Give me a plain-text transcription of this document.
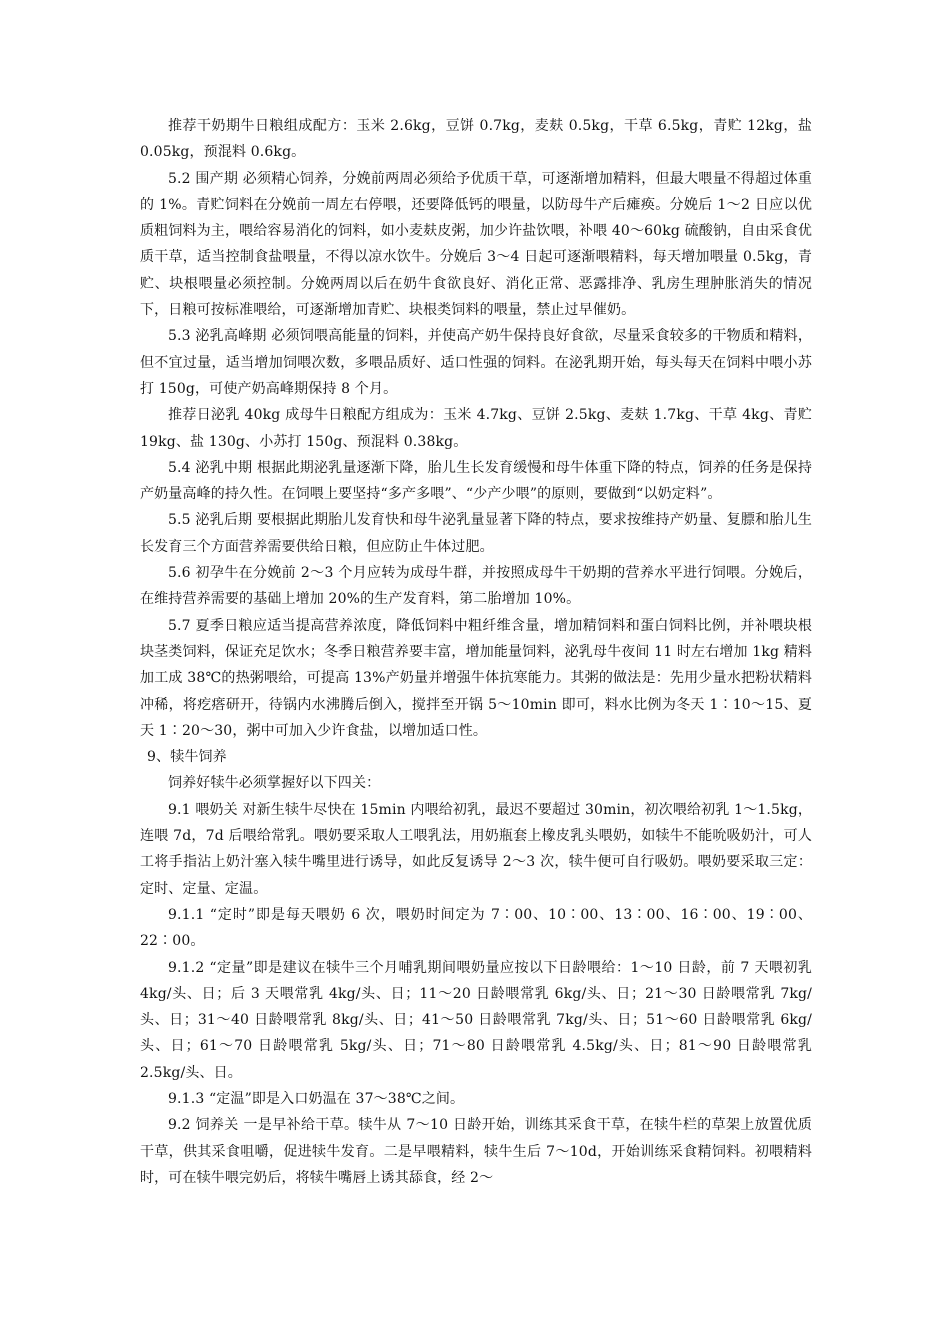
推荐干奶期牛日粮组成配方：玉米 2.6kg，豆饼 0.7kg，麦麸 0.5kg，干草 6.5kg，青贮 12kg，盐 0.05kg，预混料 0.6kg。

5.2 围产期 必须精心饲养，分娩前两周必须给予优质干草，可逐渐增加精料，但最大喂量不得超过体重的 1%。青贮饲料在分娩前一周左右停喂，还要降低钙的喂量，以防母牛产后瘫痪。分娩后 1～2 日应以优质粗饲料为主，喂给容易消化的饲料，如小麦麸皮粥，加少许盐饮喂，补喂 40～60kg 硫酸钠，自由采食优质干草，适当控制食盐喂量，不得以凉水饮牛。分娩后 3～4 日起可逐渐喂精料，每天增加喂量 0.5kg，青贮、块根喂量必须控制。分娩两周以后在奶牛食欲良好、消化正常、恶露排净、乳房生理肿胀消失的情况下，日粮可按标准喂给，可逐渐增加青贮、块根类饲料的喂量，禁止过早催奶。

5.3 泌乳高峰期 必须饲喂高能量的饲料，并使高产奶牛保持良好食欲，尽量采食较多的干物质和精料，但不宜过量，适当增加饲喂次数，多喂品质好、适口性强的饲料。在泌乳期开始，每头每天在饲料中喂小苏打 150g，可使产奶高峰期保持 8 个月。

推荐日泌乳 40kg 成母牛日粮配方组成为：玉米 4.7kg、豆饼 2.5kg、麦麸 1.7kg、干草 4kg、青贮 19kg、盐 130g、小苏打 150g、预混料 0.38kg。

5.4 泌乳中期 根据此期泌乳量逐渐下降，胎儿生长发育缓慢和母牛体重下降的特点，饲养的任务是保持产奶量高峰的持久性。在饲喂上要坚持“多产多喂”、“少产少喂”的原则，要做到“以奶定料”。

5.5 泌乳后期 要根据此期胎儿发育快和母牛泌乳量显著下降的特点，要求按维持产奶量、复膘和胎儿生长发育三个方面营养需要供给日粮，但应防止牛体过肥。

5.6 初孕牛在分娩前 2～3 个月应转为成母牛群，并按照成母牛干奶期的营养水平进行饲喂。分娩后，在维持营养需要的基础上增加 20%的生产发育料，第二胎增加 10%。

5.7 夏季日粮应适当提高营养浓度，降低饲料中粗纤维含量，增加精饲料和蛋白饲料比例，并补喂块根块茎类饲料，保证充足饮水；冬季日粮营养要丰富，增加能量饲料，泌乳母牛夜间 11 时左右增加 1kg 精料加工成 38℃的热粥喂给，可提高 13%产奶量并增强牛体抗寒能力。其粥的做法是：先用少量水把粉状精料冲稀，将疙瘩研开，待锅内水沸腾后倒入，搅拌至开锅 5～10min 即可，料水比例为冬天 1∶10～15、夏天 1∶20～30，粥中可加入少许食盐，以增加适口性。

9、犊牛饲养

饲养好犊牛必须掌握好以下四关：

9.1 喂奶关 对新生犊牛尽快在 15min 内喂给初乳，最迟不要超过 30min，初次喂给初乳 1～1.5kg，连喂 7d，7d 后喂给常乳。喂奶要采取人工喂乳法，用奶瓶套上橡皮乳头喂奶，如犊牛不能吮吸奶汁，可人工将手指沾上奶汁塞入犊牛嘴里进行诱导，如此反复诱导 2～3 次，犊牛便可自行吸奶。喂奶要采取三定：定时、定量、定温。

9.1.1 “定时”即是每天喂奶 6 次，喂奶时间定为 7∶00、10∶00、13∶00、16∶00、19∶00、22∶00。

9.1.2 “定量”即是建议在犊牛三个月哺乳期间喂奶量应按以下日龄喂给：1～10 日龄，前 7 天喂初乳 4kg/头、日；后 3 天喂常乳 4kg/头、日；11～20 日龄喂常乳 6kg/头、日；21～30 日龄喂常乳 7kg/头、日；31～40 日龄喂常乳 8kg/头、日；41～50 日龄喂常乳 7kg/头、日；51～60 日龄喂常乳 6kg/头、日；61～70 日龄喂常乳 5kg/头、日；71～80 日龄喂常乳 4.5kg/头、日；81～90 日龄喂常乳 2.5kg/头、日。

9.1.3 “定温”即是入口奶温在 37～38℃之间。

9.2 饲养关 一是早补给干草。犊牛从 7～10 日龄开始，训练其采食干草，在犊牛栏的草架上放置优质干草，供其采食咀嚼，促进犊牛发育。二是早喂精料，犊牛生后 7～10d，开始训练采食精饲料。初喂精料时，可在犊牛喂完奶后，将犊牛嘴唇上诱其舔食，经 2～
